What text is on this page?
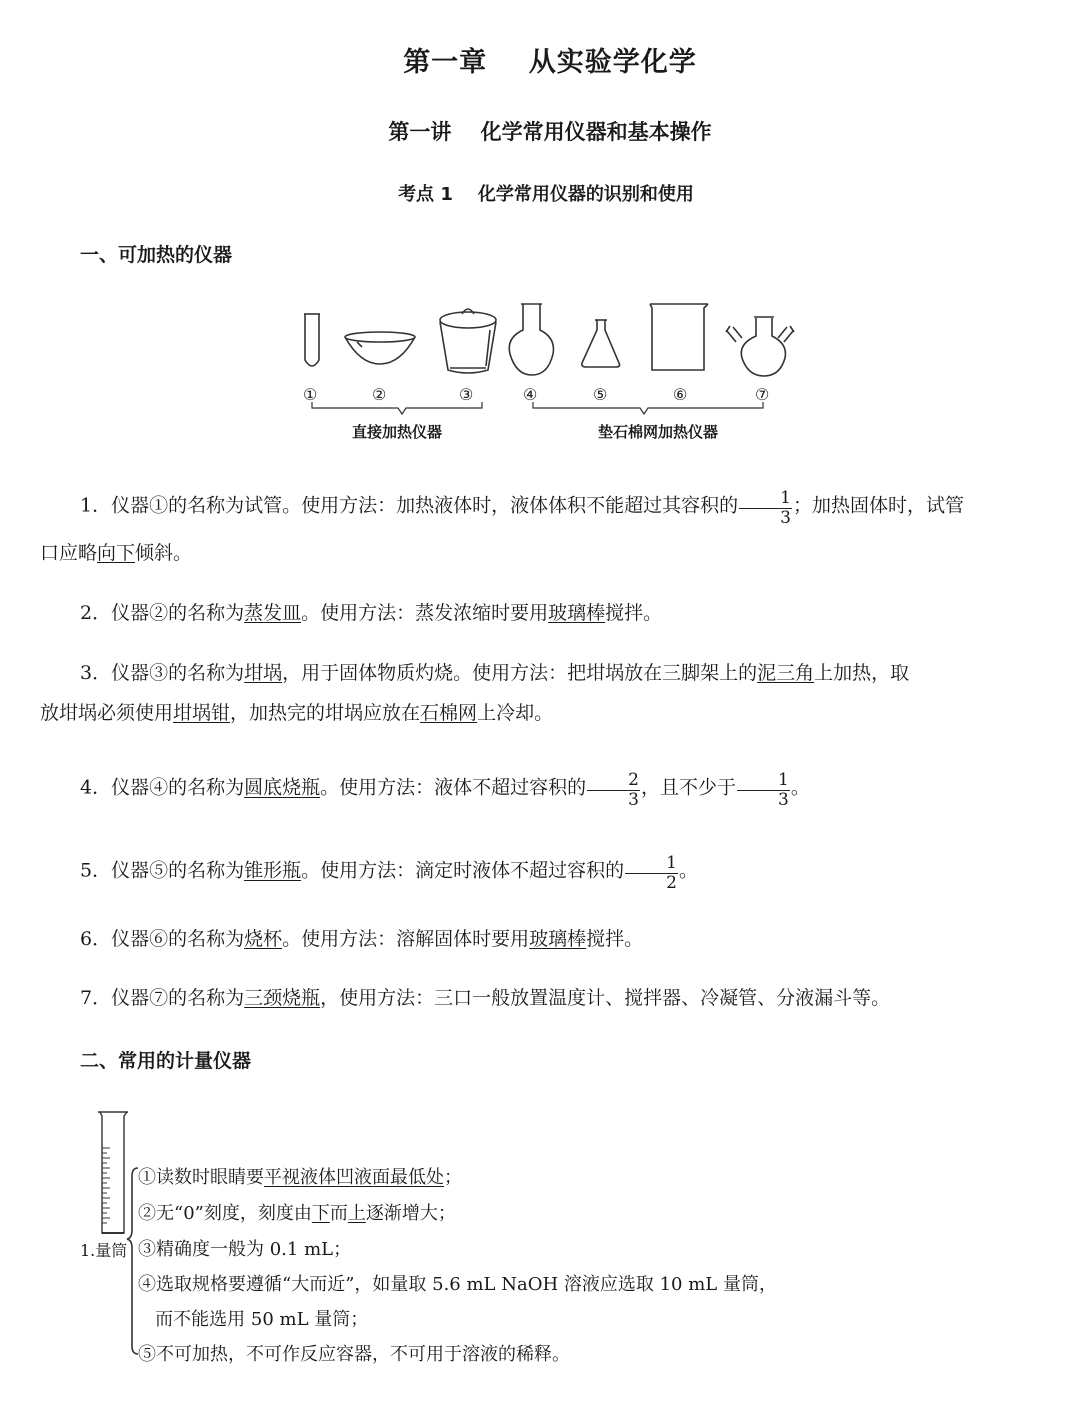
第一章    从实验学化学
第一讲    化学常用仪器和基本操作
考点 1    化学常用仪器的识别和使用
一、可加热的仪器
①	②	③	④	⑤	⑥	⑦
直接加热仪器	垫石棉网加热仪器
1．仪器①的名称为试管。使用方法：加热液体时，液体体积不能超过其容积的 $\frac{1}{3}$ ；加热固体时，试管
口应略向下倾斜。
2．仪器②的名称为蒸发皿。使用方法：蒸发浓缩时要用玻璃棒搅拌。
3．仪器③的名称为坩埚，用于固体物质灼烧。使用方法：把坩埚放在三脚架上的泥三角上加热，取
放坩埚必须使用坩埚钳，加热完的坩埚应放在石棉网上冷却。
4．仪器④的名称为圆底烧瓶。使用方法：液体不超过容积的 $\frac{2}{3}$ ，且不少于 $\frac{1}{3}$ 。
5．仪器⑤的名称为锥形瓶。使用方法：滴定时液体不超过容积的 $\frac{1}{2}$ 。
6．仪器⑥的名称为烧杯。使用方法：溶解固体时要用玻璃棒搅拌。
7．仪器⑦的名称为三颈烧瓶，使用方法：三口一般放置温度计、搅拌器、冷凝管、分液漏斗等。
二、常用的计量仪器
1.量筒
①读数时眼睛要平视液体凹液面最低处；
②无“0”刻度，刻度由下而上逐渐增大；
③精确度一般为 0.1 mL；
④选取规格要遵循“大而近”，如量取 5.6 mL NaOH 溶液应选取 10 mL 量筒，
而不能选用 50 mL 量筒；
⑤不可加热，不可作反应容器，不可用于溶液的稀释。
